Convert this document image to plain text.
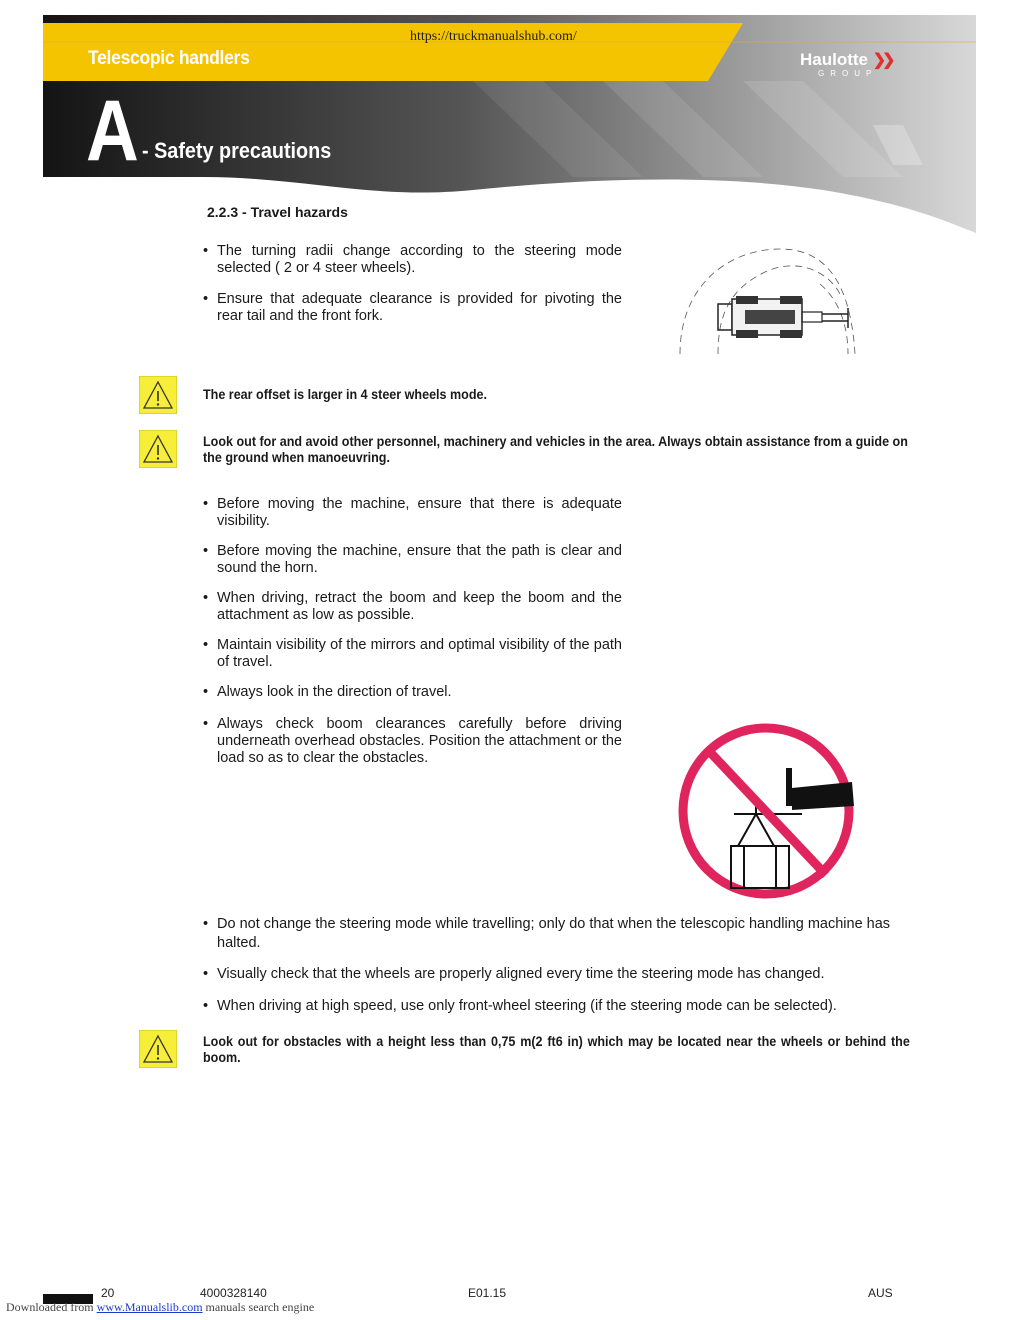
https://truckmanualshub.com/
Telescopic handlers	Haulotte ❯❯
GROUP
A - Safety precautions
2.2.3 - Travel hazards
• The turning radii change according to the steering mode selected ( 2 or 4 steer wheels).
• Ensure that adequate clearance is provided for pivoting the rear tail and the front fork.
The rear offset is larger in 4 steer wheels mode.
Look out for and avoid other personnel, machinery and vehicles in the area. Always obtain assistance from a guide on the ground when manoeuvring.
• Before moving the machine, ensure that there is adequate visibility.
• Before moving the machine, ensure that the path is clear and sound the horn.
• When driving, retract the boom and keep the boom and the attachment as low as possible.
• Maintain visibility of the mirrors and optimal visibility of the path of travel.
• Always look in the direction of travel.
• Always check boom clearances carefully before driving underneath overhead obstacles. Position the attachment or the load so as to clear the obstacles.
• Do not change the steering mode while travelling; only do that when the telescopic handling machine has halted.
• Visually check that the wheels are properly aligned every time the steering mode has changed.
• When driving at high speed, use only front-wheel steering (if the steering mode can be selected).
Look out for obstacles with a height less than 0,75 m(2 ft6 in) which may be located near the wheels or behind the boom.
20	4000328140	E01.15	AUS
Downloaded from www.Manualslib.com manuals search engine
